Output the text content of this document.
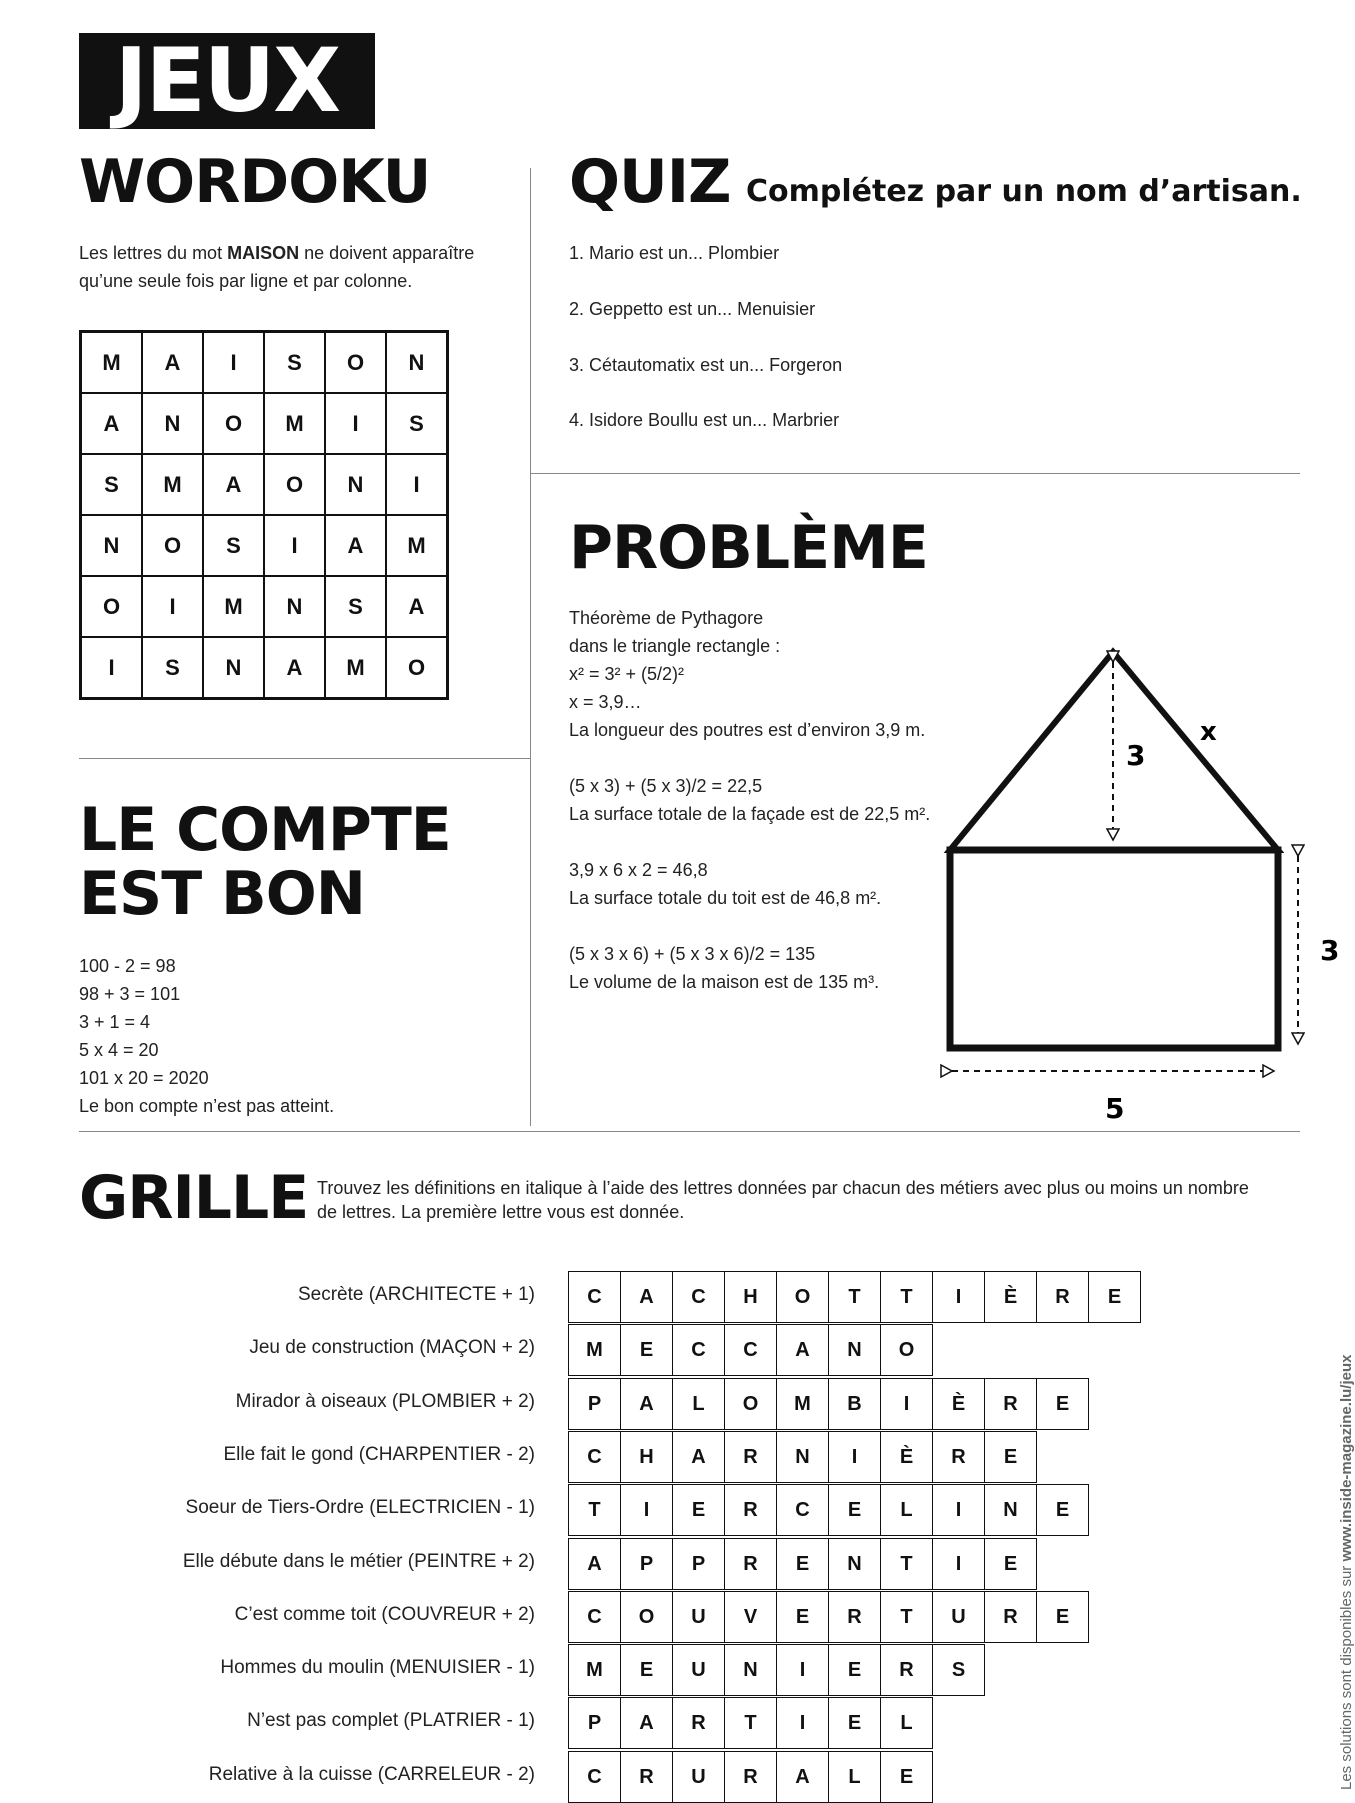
JEUX
WORDOKU
Les lettres du mot MAISON ne doivent apparaître
qu’une seule fois par ligne et par colonne.
M	A	I	S	O	N
A	N	O	M	I	S
S	M	A	O	N	I
N	O	S	I	A	M
O	I	M	N	S	A
I	S	N	A	M	O
QUIZ Complétez par un nom d’artisan.
1. Mario est un... Plombier
2. Geppetto est un... Menuisier
3. Cétautomatix est un... Forgeron
4. Isidore Boullu est un... Marbrier
LE COMPTE
EST BON
100 - 2 = 98
98 + 3 = 101
3 + 1 = 4
5 x 4 = 20
101 x 20 = 2020
Le bon compte n’est pas atteint.
PROBLÈME
Théorème de Pythagore
dans le triangle rectangle :
x² = 3² + (5/2)²
x = 3,9…
La longueur des poutres est d’environ 3,9 m.
(5 x 3) + (5 x 3)/2 = 22,5
La surface totale de la façade est de 22,5 m².
3,9 x 6 x 2 = 46,8
La surface totale du toit est de 46,8 m².
(5 x 3 x 6) + (5 x 3 x 6)/2 = 135
Le volume de la maison est de 135 m³.
x
3
3
5
GRILLE Trouvez les définitions en italique à l’aide des lettres données par chacun des métiers avec plus ou moins un nombre
de lettres. La première lettre vous est donnée.
Secrète (ARCHITECTE + 1)	C	A	C	H	O	T	T	I	È	R	E
Jeu de construction (MAÇON + 2)	M	E	C	C	A	N	O
Mirador à oiseaux (PLOMBIER + 2)	P	A	L	O	M	B	I	È	R	E
Elle fait le gond (CHARPENTIER - 2)	C	H	A	R	N	I	È	R	E
Soeur de Tiers-Ordre (ELECTRICIEN - 1)	T	I	E	R	C	E	L	I	N	E
Elle débute dans le métier (PEINTRE + 2)	A	P	P	R	E	N	T	I	E
C’est comme toit (COUVREUR + 2)	C	O	U	V	E	R	T	U	R	E
Hommes du moulin (MENUISIER - 1)	M	E	U	N	I	E	R	S
N’est pas complet (PLATRIER - 1)	P	A	R	T	I	E	L
Relative à la cuisse (CARRELEUR - 2)	C	R	U	R	A	L	E	Les solutions sont disponibles sur www.inside-magazine.lu/jeux
